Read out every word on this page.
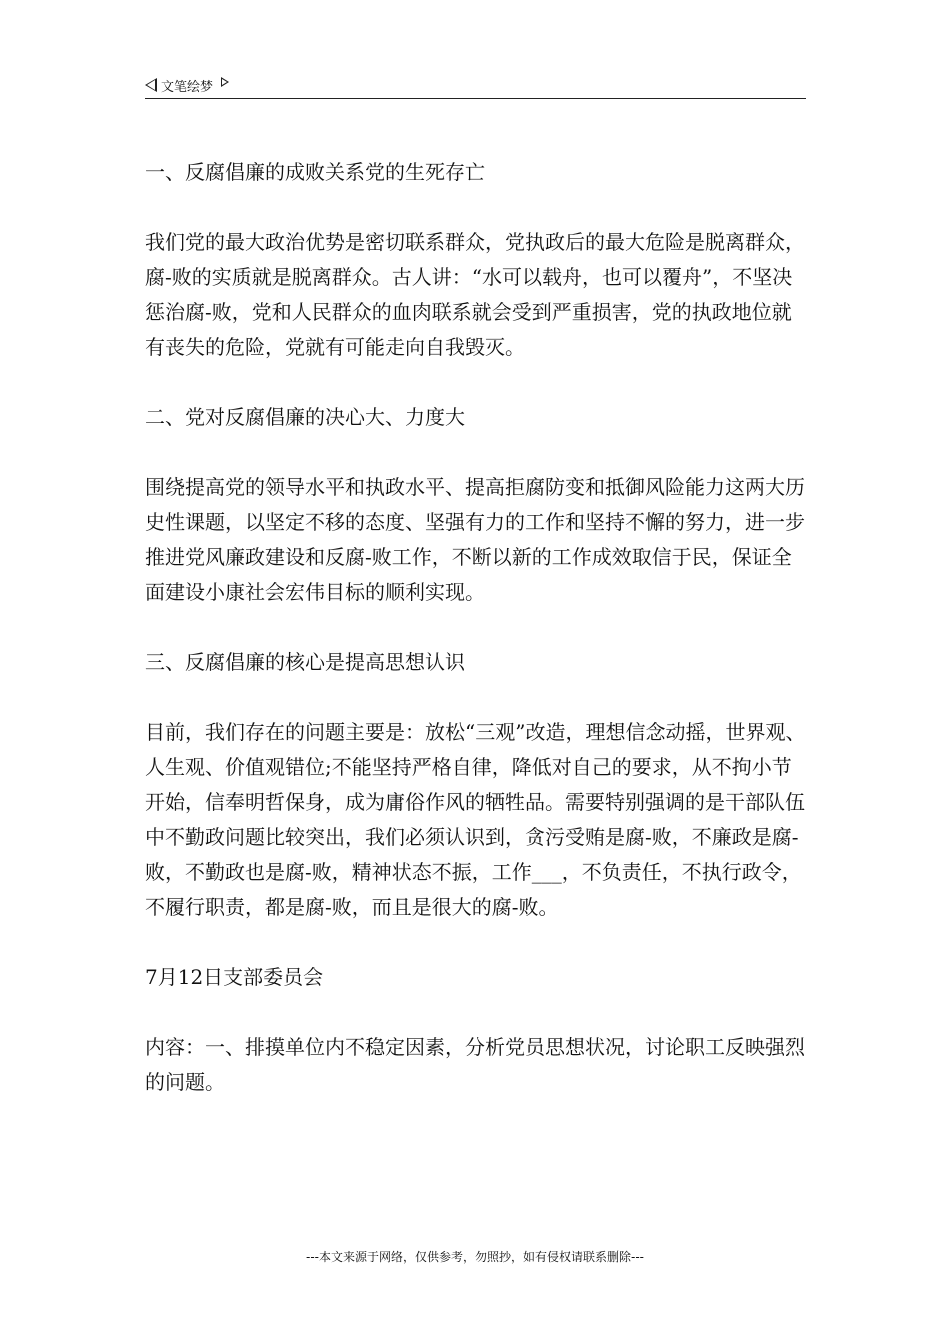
文笔绘梦

一、反腐倡廉的成败关系党的生死存亡

我们党的最大政治优势是密切联系群众，党执政后的最大危险是脱离群众，腐-败的实质就是脱离群众。古人讲：“水可以载舟，也可以覆舟”，不坚决惩治腐-败，党和人民群众的血肉联系就会受到严重损害，党的执政地位就有丧失的危险，党就有可能走向自我毁灭。

二、党对反腐倡廉的决心大、力度大

围绕提高党的领导水平和执政水平、提高拒腐防变和抵御风险能力这两大历史性课题，以坚定不移的态度、坚强有力的工作和坚持不懈的努力，进一步推进党风廉政建设和反腐-败工作，不断以新的工作成效取信于民，保证全面建设小康社会宏伟目标的顺利实现。

三、反腐倡廉的核心是提高思想认识

目前，我们存在的问题主要是：放松“三观”改造，理想信念动摇，世界观、人生观、价值观错位;不能坚持严格自律，降低对自己的要求，从不拘小节开始，信奉明哲保身，成为庸俗作风的牺牲品。需要特别强调的是干部队伍中不勤政问题比较突出，我们必须认识到，贪污受贿是腐-败，不廉政是腐-败，不勤政也是腐-败，精神状态不振，工作___，不负责任，不执行政令，不履行职责，都是腐-败，而且是很大的腐-败。

7月12日支部委员会

内容：一、排摸单位内不稳定因素，分析党员思想状况，讨论职工反映强烈的问题。

---本文来源于网络，仅供参考，勿照抄，如有侵权请联系删除---
